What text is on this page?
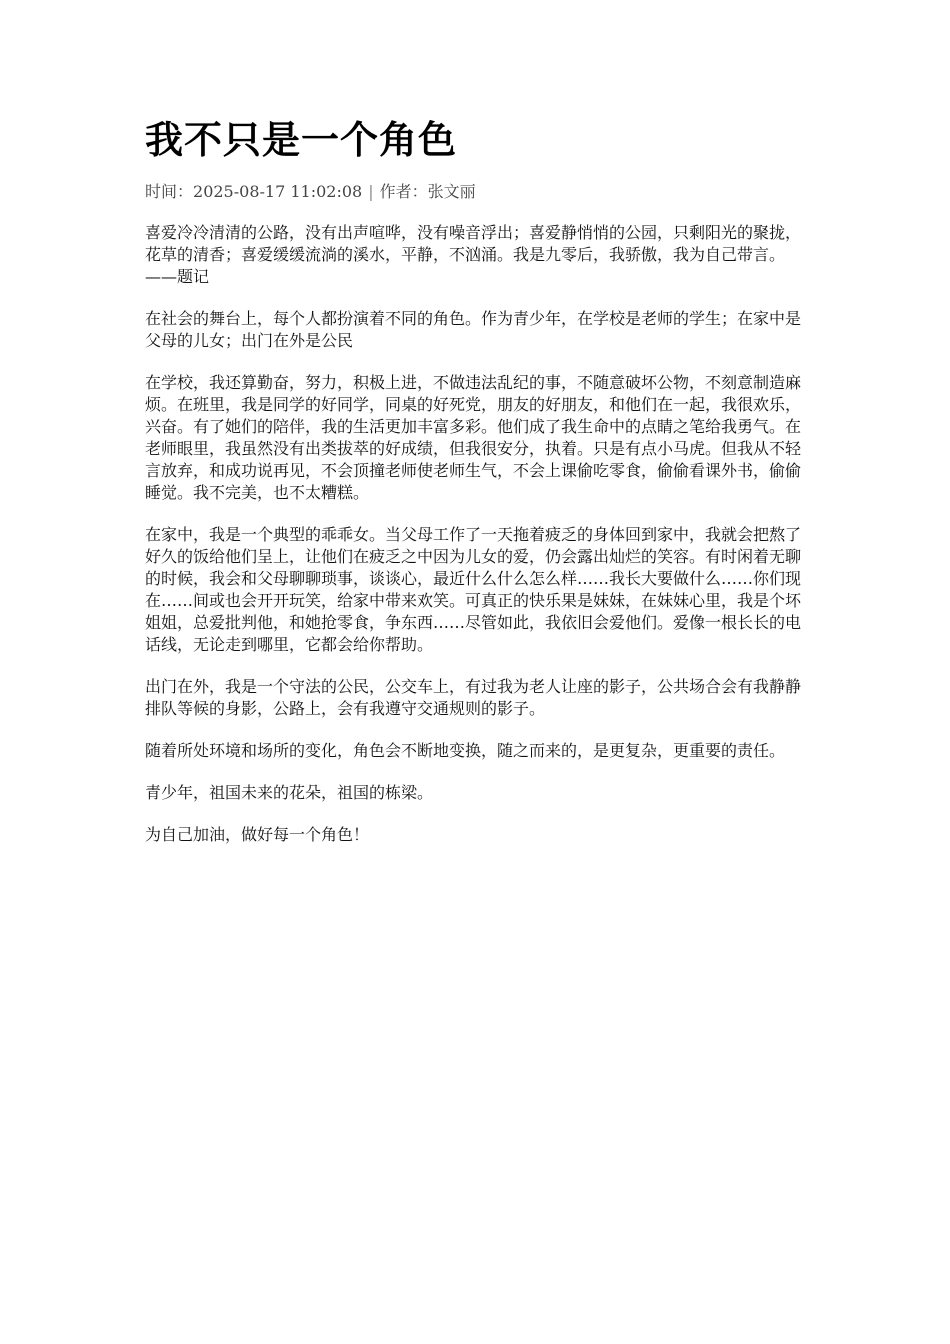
我不只是一个角色
时间：2025-08-17 11:02:08 | 作者：张文丽

喜爱冷冷清清的公路，没有出声喧哗，没有噪音浮出；喜爱静悄悄的公园，只剩阳光的聚拢，花草的清香；喜爱缓缓流淌的溪水，平静，不汹涌。我是九零后，我骄傲，我为自己带言。——题记

在社会的舞台上，每个人都扮演着不同的角色。作为青少年，在学校是老师的学生；在家中是父母的儿女；出门在外是公民

在学校，我还算勤奋，努力，积极上进，不做违法乱纪的事，不随意破坏公物，不刻意制造麻烦。在班里，我是同学的好同学，同桌的好死党，朋友的好朋友，和他们在一起，我很欢乐，兴奋。有了她们的陪伴，我的生活更加丰富多彩。他们成了我生命中的点睛之笔给我勇气。在老师眼里，我虽然没有出类拔萃的好成绩，但我很安分，执着。只是有点小马虎。但我从不轻言放弃，和成功说再见，不会顶撞老师使老师生气，不会上课偷吃零食，偷偷看课外书，偷偷睡觉。我不完美，也不太糟糕。

在家中，我是一个典型的乖乖女。当父母工作了一天拖着疲乏的身体回到家中，我就会把熬了好久的饭给他们呈上，让他们在疲乏之中因为儿女的爱，仍会露出灿烂的笑容。有时闲着无聊的时候，我会和父母聊聊琐事，谈谈心，最近什么什么怎么样……我长大要做什么……你们现在……间或也会开开玩笑，给家中带来欢笑。可真正的快乐果是妹妹，在妹妹心里，我是个坏姐姐，总爱批判他，和她抢零食，争东西……尽管如此，我依旧会爱他们。爱像一根长长的电话线，无论走到哪里，它都会给你帮助。

出门在外，我是一个守法的公民，公交车上，有过我为老人让座的影子，公共场合会有我静静排队等候的身影，公路上，会有我遵守交通规则的影子。

随着所处环境和场所的变化，角色会不断地变换，随之而来的，是更复杂，更重要的责任。

青少年，祖国未来的花朵，祖国的栋梁。

为自己加油，做好每一个角色！
